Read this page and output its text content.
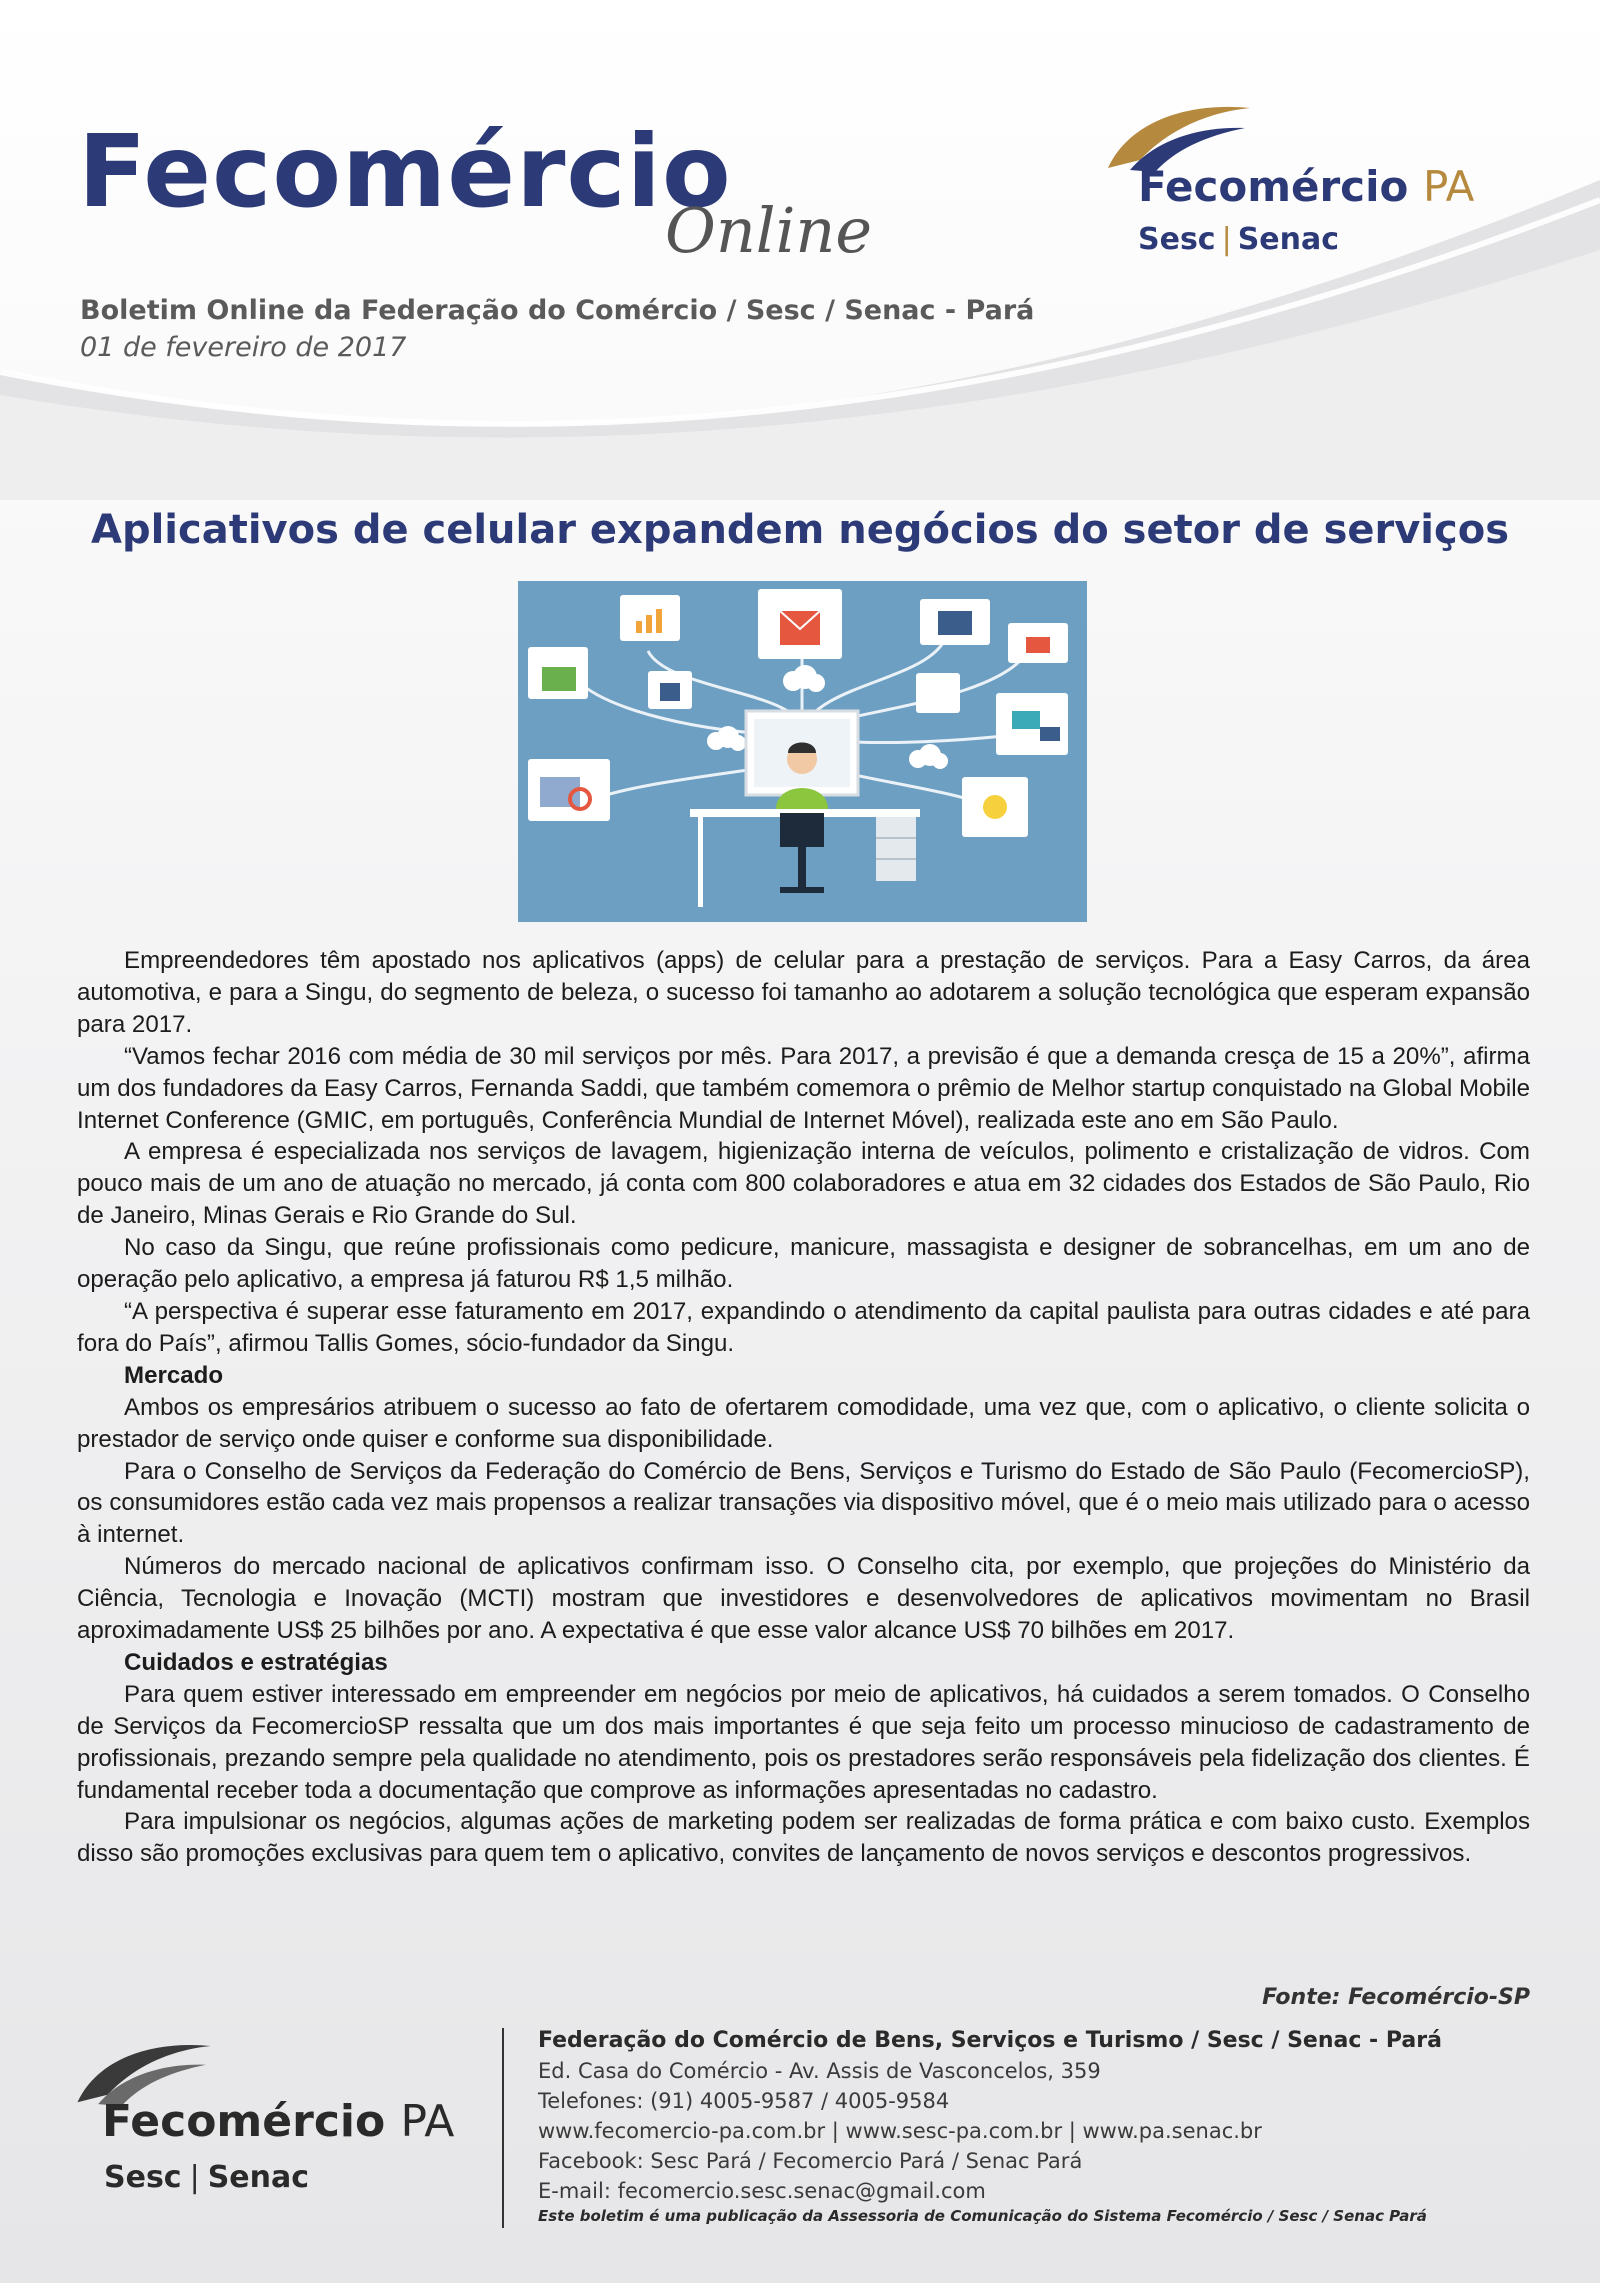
Fecomércio
Online
Boletim Online da Federação do Comércio / Sesc / Senac - Pará
01 de fevereiro de 2017
Fecomércio PA
Sesc | Senac
Aplicativos de celular expandem negócios do setor de serviços

Empreendedores têm apostado nos aplicativos (apps) de celular para a prestação de serviços. Para a Easy Carros, da área automotiva, e para a Singu, do segmento de beleza, o sucesso foi tamanho ao adotarem a solução tecnológica que esperam expansão para 2017.

“Vamos fechar 2016 com média de 30 mil serviços por mês. Para 2017, a previsão é que a demanda cresça de 15 a 20%”, afirma um dos fundadores da Easy Carros, Fernanda Saddi, que também comemora o prêmio de Melhor startup conquistado na Global Mobile Internet Conference (GMIC, em português, Conferência Mundial de Internet Móvel), realizada este ano em São Paulo.

A empresa é especializada nos serviços de lavagem, higienização interna de veículos, polimento e cristalização de vidros. Com pouco mais de um ano de atuação no mercado, já conta com 800 colaboradores e atua em 32 cidades dos Estados de São Paulo, Rio de Janeiro, Minas Gerais e Rio Grande do Sul.

No caso da Singu, que reúne profissionais como pedicure, manicure, massagista e designer de sobrancelhas, em um ano de operação pelo aplicativo, a empresa já faturou R$ 1,5 milhão.

“A perspectiva é superar esse faturamento em 2017, expandindo o atendimento da capital paulista para outras cidades e até para fora do País”, afirmou Tallis Gomes, sócio-fundador da Singu.

Mercado

Ambos os empresários atribuem o sucesso ao fato de ofertarem comodidade, uma vez que, com o aplicativo, o cliente solicita o prestador de serviço onde quiser e conforme sua disponibilidade.

Para o Conselho de Serviços da Federação do Comércio de Bens, Serviços e Turismo do Estado de São Paulo (FecomercioSP), os consumidores estão cada vez mais propensos a realizar transações via dispositivo móvel, que é o meio mais utilizado para o acesso à internet.

Números do mercado nacional de aplicativos confirmam isso. O Conselho cita, por exemplo, que projeções do Ministério da Ciência, Tecnologia e Inovação (MCTI) mostram que investidores e desenvolvedores de aplicativos movimentam no Brasil aproximadamente US$ 25 bilhões por ano. A expectativa é que esse valor alcance US$ 70 bilhões em 2017.

Cuidados e estratégias

Para quem estiver interessado em empreender em negócios por meio de aplicativos, há cuidados a serem tomados. O Conselho de Serviços da FecomercioSP ressalta que um dos mais importantes é que seja feito um processo minucioso de cadastramento de profissionais, prezando sempre pela qualidade no atendimento, pois os prestadores serão responsáveis pela fidelização dos clientes. É fundamental receber toda a documentação que comprove as informações apresentadas no cadastro.

Para impulsionar os negócios, algumas ações de marketing podem ser realizadas de forma prática e com baixo custo. Exemplos disso são promoções exclusivas para quem tem o aplicativo, convites de lançamento de novos serviços e descontos progressivos.

Fonte: Fecomércio-SP
Fecomércio PA
Sesc | Senac
Federação do Comércio de Bens, Serviços e Turismo / Sesc / Senac - Pará
Ed. Casa do Comércio - Av. Assis de Vasconcelos, 359
Telefones: (91) 4005-9587 / 4005-9584
www.fecomercio-pa.com.br | www.sesc-pa.com.br | www.pa.senac.br
Facebook: Sesc Pará / Fecomercio Pará / Senac Pará
E-mail: fecomercio.sesc.senac@gmail.com
Este boletim é uma publicação da Assessoria de Comunicação do Sistema Fecomércio / Sesc / Senac Pará
